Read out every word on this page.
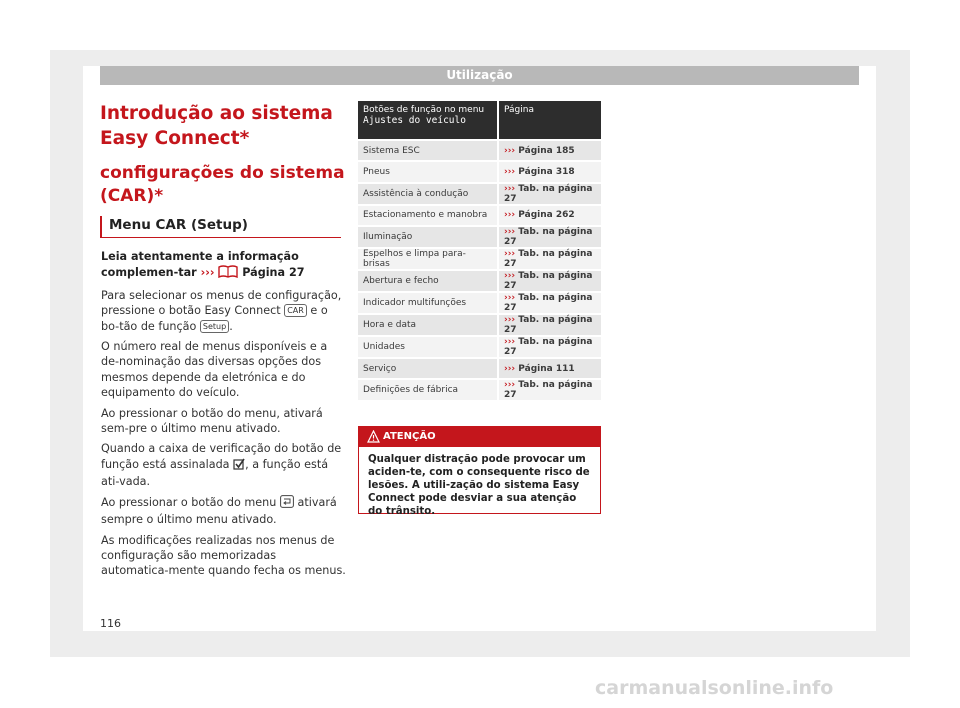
Utilização
Introdução ao sistema Easy Connect*
configurações do sistema (CAR)*
Menu CAR (Setup)

Leia atentamente a informação complemen-tar ››› Página 27

Para selecionar os menus de configuração, pressione o botão Easy Connect CAR e o bo-tão de função Setup .

O número real de menus disponíveis e a de-nominação das diversas opções dos mesmos depende da eletrónica e do equipamento do veículo.

Ao pressionar o botão do menu, ativará sem-pre o último menu ativado.

Quando a caixa de verificação do botão de função está assinalada , a função está ati-vada.

Ao pressionar o botão do menu ativará sempre o último menu ativado.

As modificações realizadas nos menus de configuração são memorizadas automatica-mente quando fecha os menus.

Botões de função no menu
Ajustes do veículo	Página
Sistema ESC	››› Página 185
Pneus	››› Página 318
Assistência à condução	››› Tab. na página 27
Estacionamento e manobra	››› Página 262
Iluminação	››› Tab. na página 27
Espelhos e limpa para-brisas	››› Tab. na página 27
Abertura e fecho	››› Tab. na página 27
Indicador multifunções	››› Tab. na página 27
Hora e data	››› Tab. na página 27
Unidades	››› Tab. na página 27
Serviço	››› Página 111
Definições de fábrica	››› Tab. na página 27
ATENÇÃO
Qualquer distração pode provocar um aciden-te, com o consequente risco de lesões. A utili-zação do sistema Easy Connect pode desviar a sua atenção do trânsito.
116
carmanualsonline.info
